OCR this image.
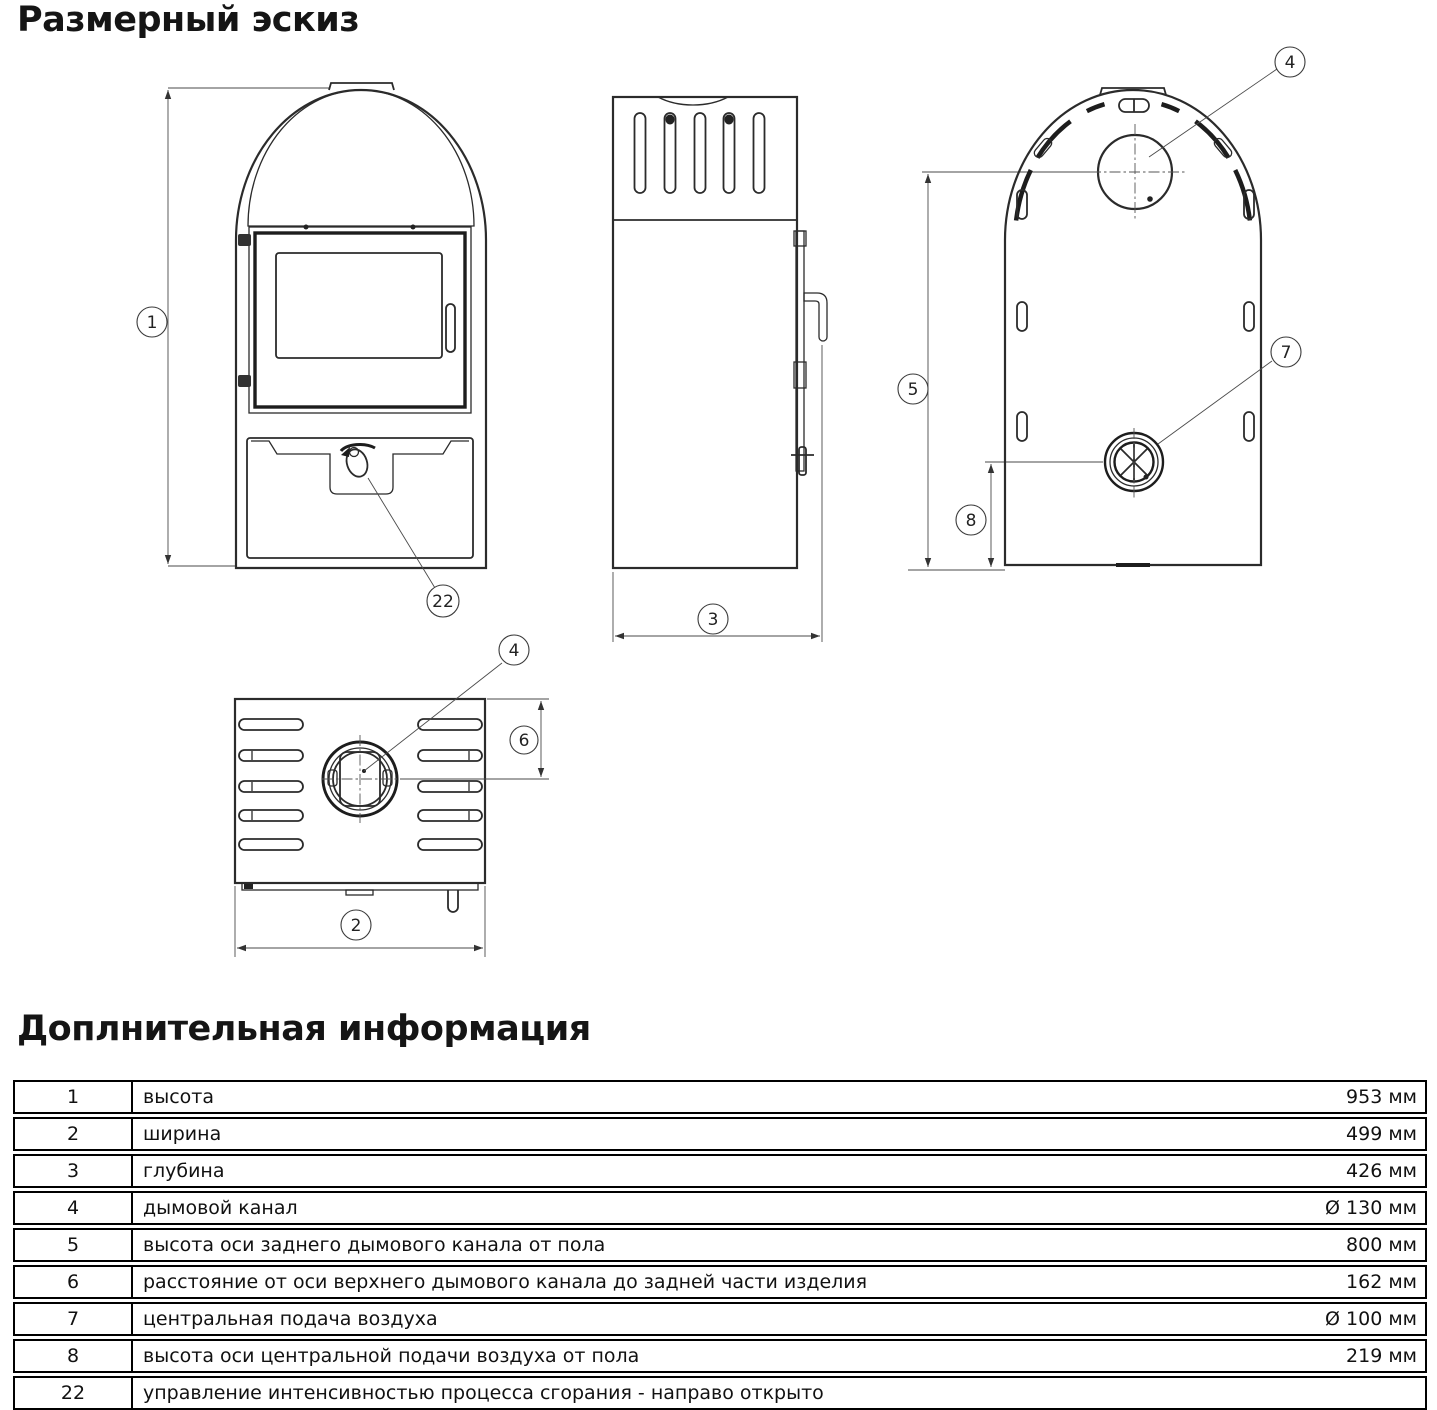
Размерный эскиз
1
22
3
2
4
6
4
5
7
8
Доплнительная информация
1	высота	953 мм
2	ширина	499 мм
3	глубина	426 мм
4	дымовой канал	Ø 130 мм
5	высота оси заднего дымового канала от пола	800 мм
6	расстояние от оси верхнего дымового канала до задней части изделия	162 мм
7	центральная подача воздуха	Ø 100 мм
8	высота оси центральной подачи воздуха от пола	219 мм
22	управление интенсивностью процесса сгорания - направо открыто
